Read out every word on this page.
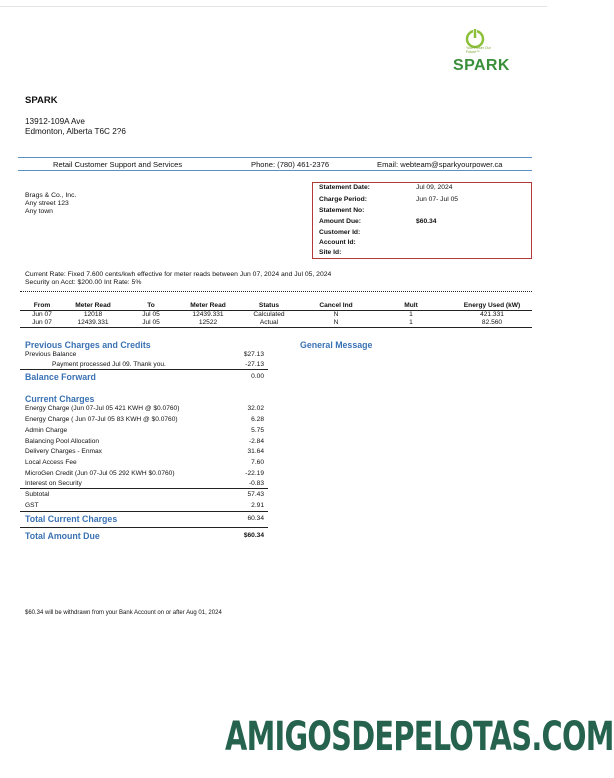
Your Power Our Future™
SPARK
SPARK
13912-109A Ave
Edmonton, Alberta T6C 2?6
Retail Customer Support and Services	Phone: (780) 461-2376	Email: webteam@sparkyourpower.ca
Brags & Co., Inc.
Any street 123
Any town
Statement Date:	Jul 09, 2024
Charge Period:	Jun 07- Jul 05
Statement No:
Amount Due:	$60.34
Customer Id:
Account Id:
Site Id:
Current Rate: Fixed 7.600 cents/kwh effective for meter reads between Jun 07, 2024 and Jul 05, 2024
Security on Acct: $200.00 Int Rate: 5%
From	Meter Read	To	Meter Read	Status	Cancel Ind	Mult	Energy Used (kW)
Jun 07	12018	Jul 05	12439.331	Calculated	N	1	421.331
Jun 07	12439.331	Jul 05	12522	Actual	N	1	82.560
General Message
Previous Charges and Credits
Previous Balance	$27.13
Payment processed Jul 09. Thank you.	-27.13
Balance Forward	0.00
Current Charges
Energy Charge (Jun 07-Jul 05 421 KWH @ $0.0760)	32.02
Energy Charge ( Jun 07-Jul 05 83 KWH @ $0.0760)	6.28
Admin Charge	5.75
Balancing Pool Allocation	-2.84
Delivery Charges - Enmax	31.64
Local Access Fee	7.60
MicroGen Credit (Jun 07-Jul 05 292 KWH $0.0760)	-22.19
Interest on Security	-0.83
Subtotal	57.43
GST	2.91
Total Current Charges	60.34
Total Amount Due	$60.34
$60.34 will be withdrawn from your Bank Account on or after Aug 01, 2024
AMIGOSDEPELOTAS.COM
